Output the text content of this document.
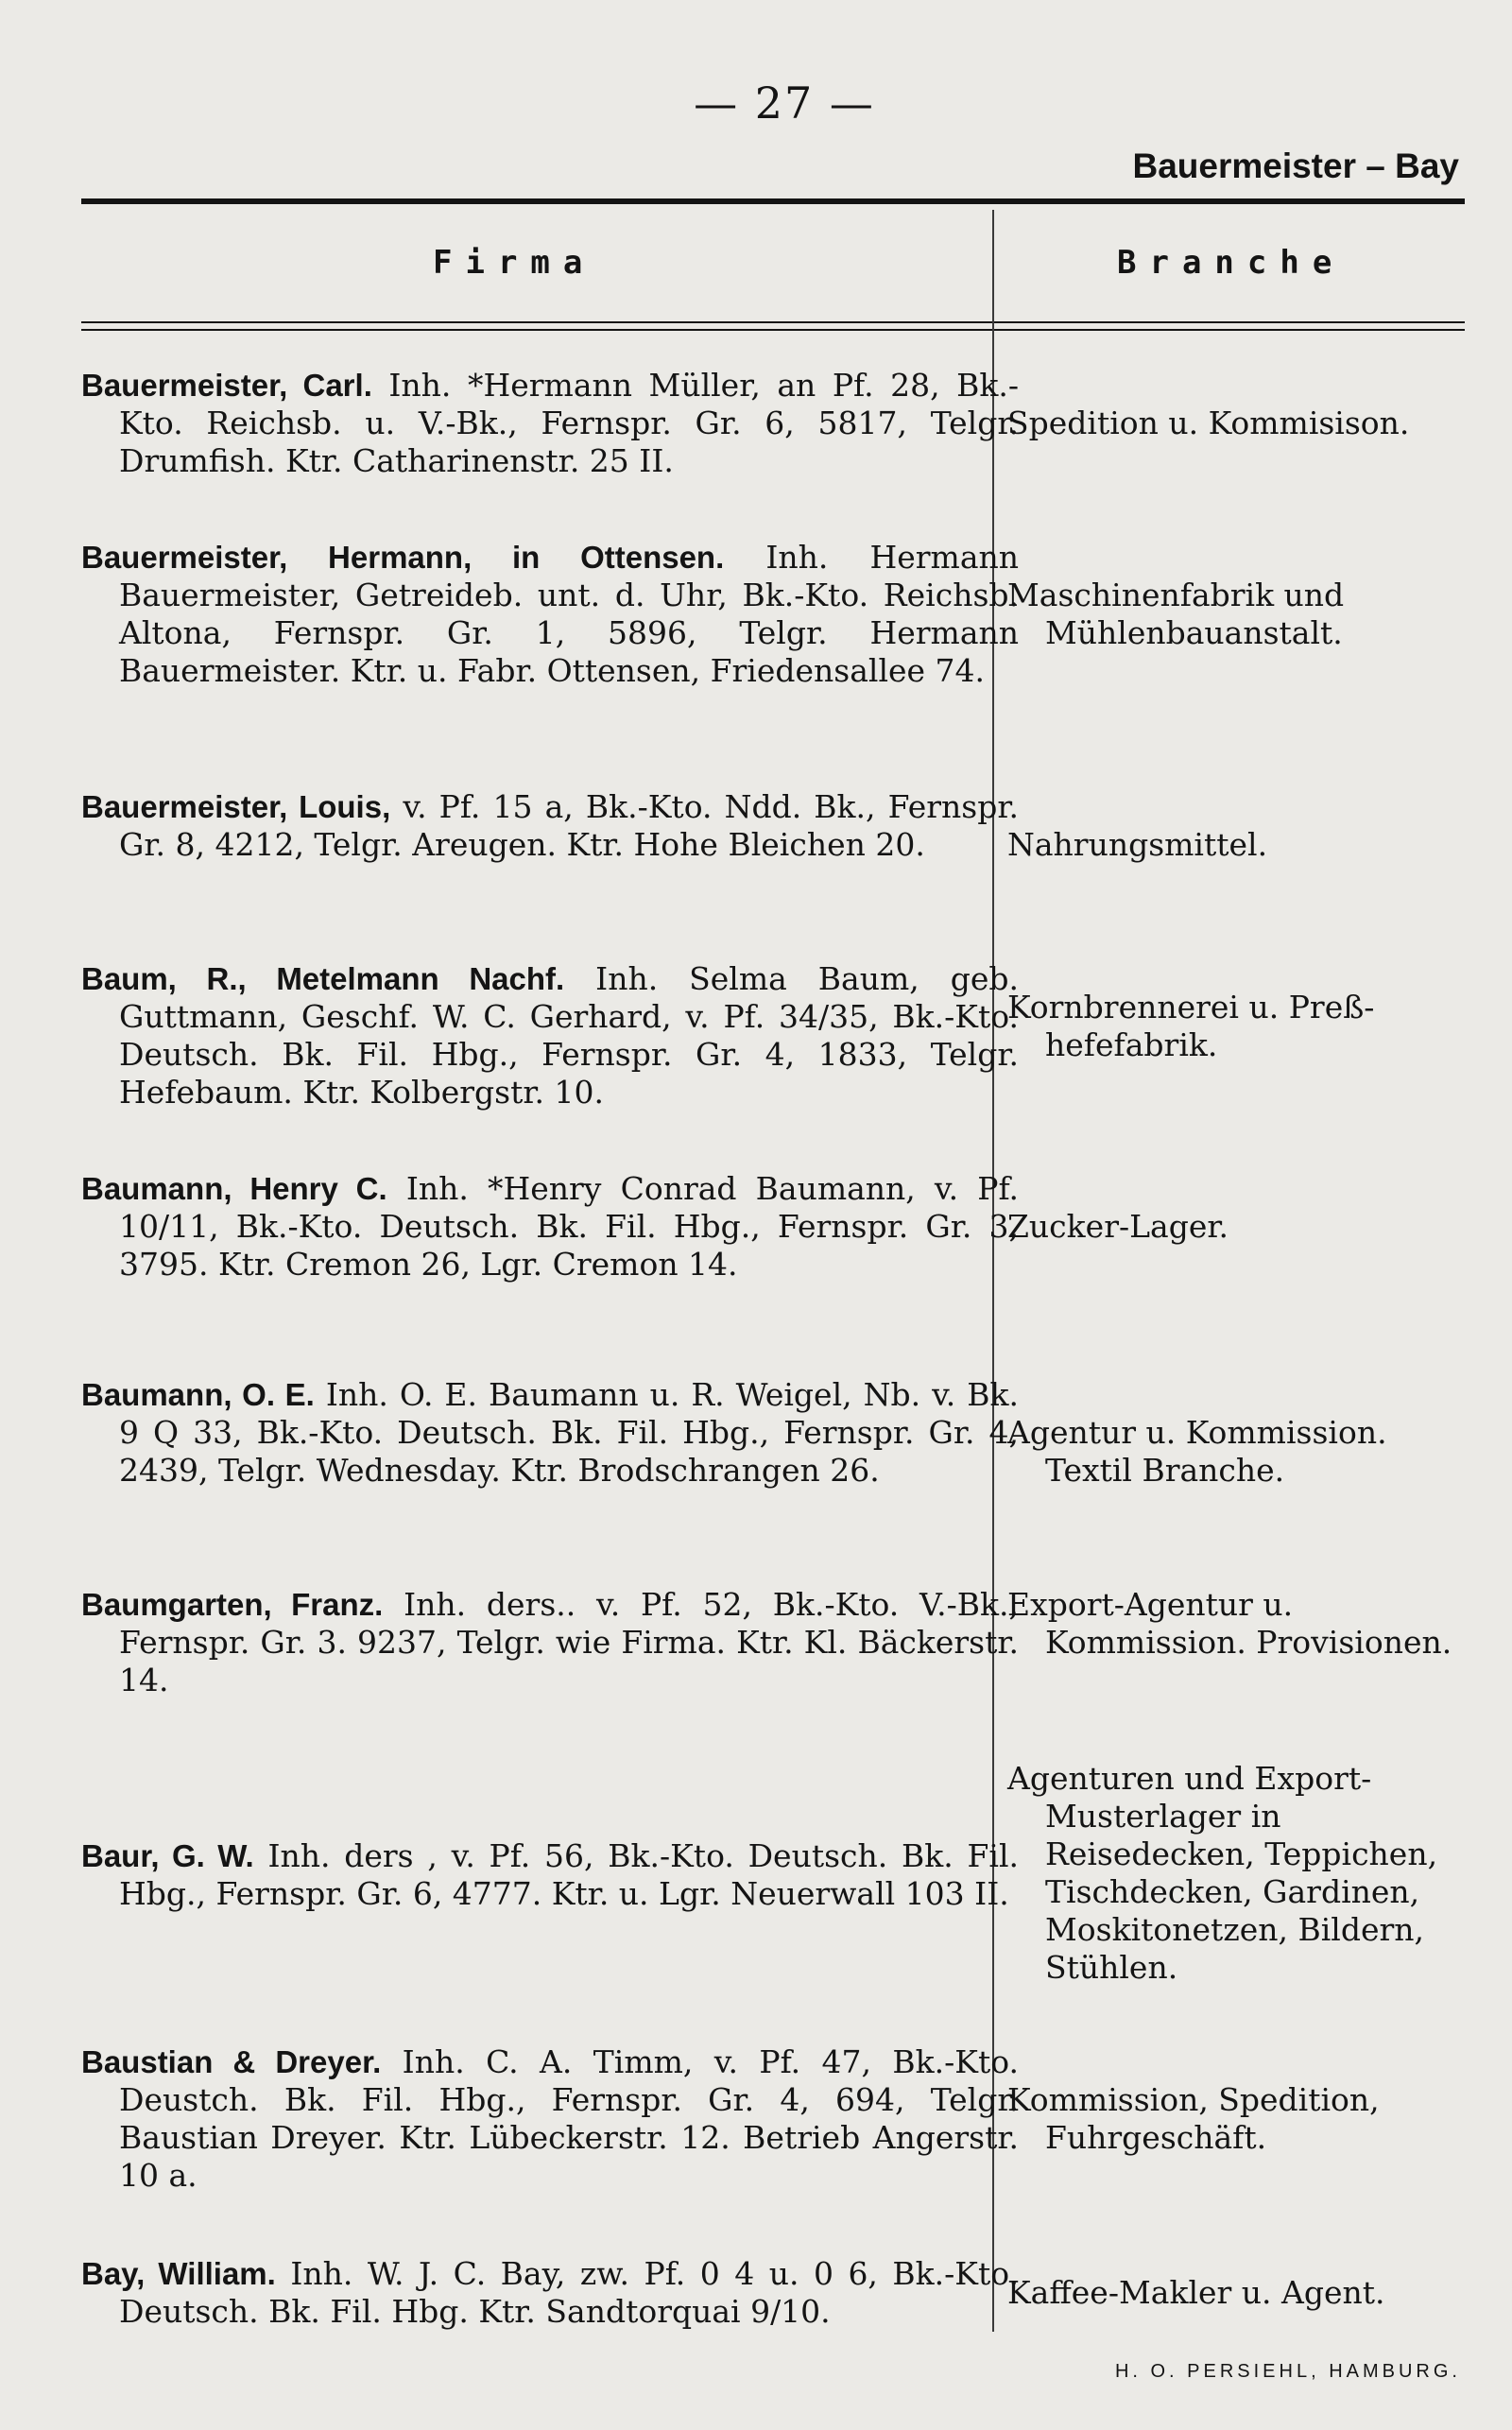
— 27 —
Bauermeister – Bay
Firma	Branche
Bauermeister, Carl. Inh. *Hermann Müller, an Pf. 28, Bk.-Kto. Reichsb. u. V.-Bk., Fernspr. Gr. 6, 5817, Telgr. Drumfish. Ktr. Catharinenstr. 25 II.
Spedition u. Kommisison.
Bauermeister, Hermann, in Ottensen. Inh. Hermann Bauermeister, Getreideb. unt. d. Uhr, Bk.-Kto. Reichsb. Altona, Fernspr. Gr. 1, 5896, Telgr. Hermann Bauermeister. Ktr. u. Fabr. Ottensen, Friedensallee 74.
Maschinenfabrik und Mühlenbauanstalt.
Bauermeister, Louis, v. Pf. 15 a, Bk.-Kto. Ndd. Bk., Fernspr. Gr. 8, 4212, Telgr. Areugen. Ktr. Hohe Bleichen 20.	Nahrungsmittel.
Baum, R., Metelmann Nachf. Inh. Selma Baum, geb. Guttmann, Geschf. W. C. Gerhard, v. Pf. 34/35, Bk.-Kto. Deutsch. Bk. Fil. Hbg., Fernspr. Gr. 4, 1833, Telgr. Hefebaum. Ktr. Kolbergstr. 10.
Kornbrennerei u. Preß-hefefabrik.
Baumann, Henry C. Inh. *Henry Conrad Baumann, v. Pf. 10/11, Bk.-Kto. Deutsch. Bk. Fil. Hbg., Fernspr. Gr. 3, 3795. Ktr. Cremon 26, Lgr. Cremon 14.
Zucker-Lager.
Baumann, O. E. Inh. O. E. Baumann u. R. Weigel, Nb. v. Bk. 9 Q 33, Bk.-Kto. Deutsch. Bk. Fil. Hbg., Fernspr. Gr. 4, 2439, Telgr. Wednesday. Ktr. Brodschrangen 26.
Agentur u. Kommission. Textil Branche.
Baumgarten, Franz. Inh. ders.. v. Pf. 52, Bk.-Kto. V.-Bk., Fernspr. Gr. 3. 9237, Telgr. wie Firma. Ktr. Kl. Bäckerstr. 14.
Export-Agentur u. Kommission. Provisionen.
Baur, G. W. Inh. ders , v. Pf. 56, Bk.-Kto. Deutsch. Bk. Fil. Hbg., Fernspr. Gr. 6, 4777. Ktr. u. Lgr. Neuerwall 103 II.
Agenturen und Export-Musterlager in Reisedecken, Teppichen, Tischdecken, Gardinen, Moskitonetzen, Bildern, Stühlen.
Baustian & Dreyer. Inh. C. A. Timm, v. Pf. 47, Bk.-Kto. Deustch. Bk. Fil. Hbg., Fernspr. Gr. 4, 694, Telgr. Baustian Dreyer. Ktr. Lübeckerstr. 12. Betrieb Angerstr. 10 a.
Kommission, Spedition, Fuhrgeschäft.
Bay, William. Inh. W. J. C. Bay, zw. Pf. 0 4 u. 0 6, Bk.-Kto. Deutsch. Bk. Fil. Hbg. Ktr. Sandtorquai 9/10.
Kaffee-Makler u. Agent.
H. O. PERSIEHL, HAMBURG.
